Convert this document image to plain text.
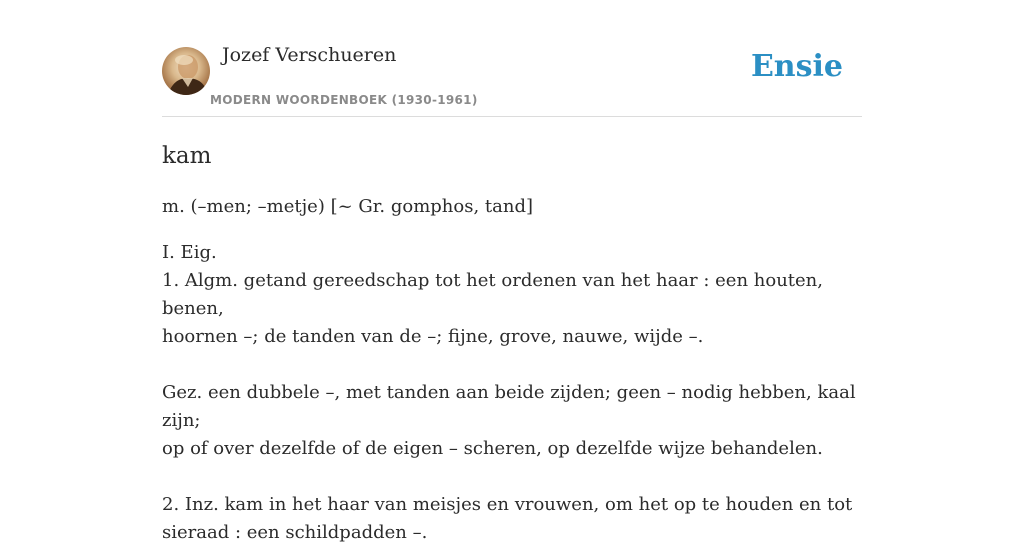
Jozef Verschueren
MODERN WOORDENBOEK (1930-1961)
Ensie
kam
m. (–men; –metje) [~ Gr. gomphos, tand]

I. Eig.

1. Algm. getand gereedschap tot het ordenen van het haar : een houten, benen,

hoornen –; de tanden van de –; fijne, grove, nauwe, wijde –.

Gez. een dubbele –, met tanden aan beide zijden; geen – nodig hebben, kaal zijn;

op of over dezelfde of de eigen – scheren, op dezelfde wijze behandelen.

2. Inz. kam in het haar van meisjes en vrouwen, om het op te houden en tot

sieraad : een schildpadden –.
